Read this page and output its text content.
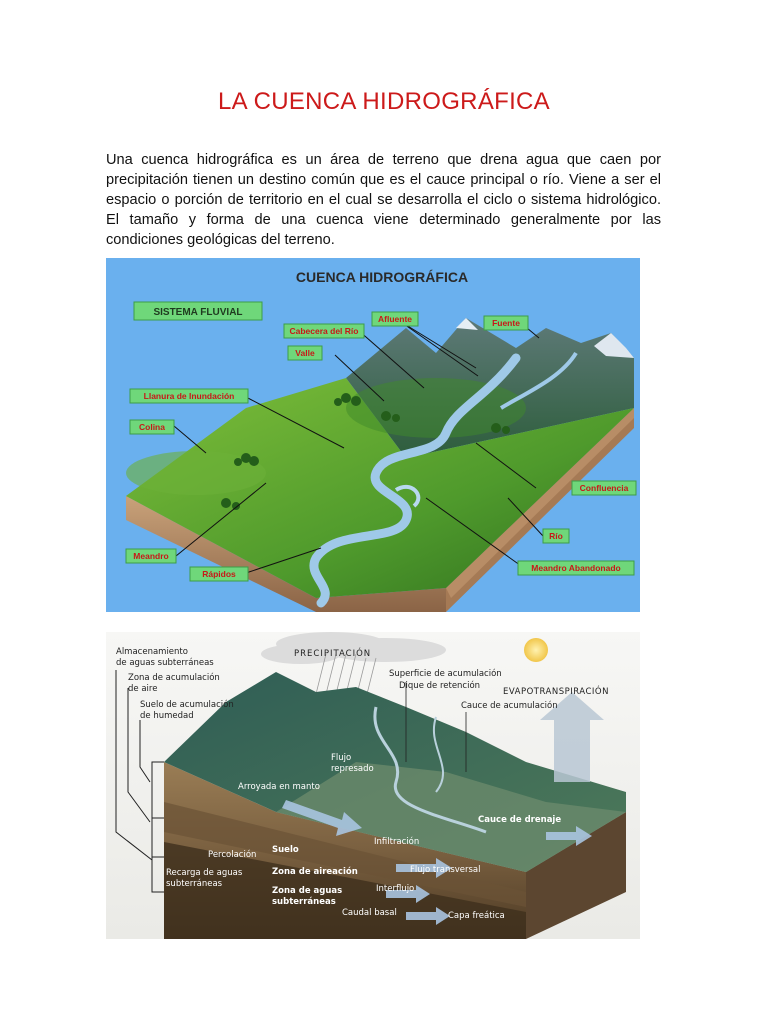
LA CUENCA HIDROGRÁFICA

Una cuenca hidrográfica es un área de terreno que drena agua que caen por precipitación tienen un destino común que es el cauce principal o río. Viene a ser el espacio o porción de territorio en el cual se desarrolla el ciclo o sistema hidrológico. El tamaño y forma de una cuenca viene determinado generalmente por las condiciones geológicas del terreno.

CUENCA HIDROGRÁFICA
SISTEMA FLUVIAL
Afluente
Cabecera del Río
Fuente
Valle
Llanura de Inundación
Colina
Confluencia
Río
Meandro
Rápidos
Meandro Abandonado
Almacenamiento
de aguas subterráneas
Zona de acumulación
de aire
Suelo de acumulación
de humedad
PRECIPITACIÓN
Superficie de acumulación
Dique de retención
EVAPOTRANSPIRACIÓN
Cauce de acumulación
Flujo
represado
Arroyada en manto
Cauce de drenaje
Infiltración
Percolación Suelo
Zona de aireación	Flujo transversal
Recarga de aguas
subterráneas
Zona de aguas
subterráneas
Interflujo
Caudal basal	Capa freática
